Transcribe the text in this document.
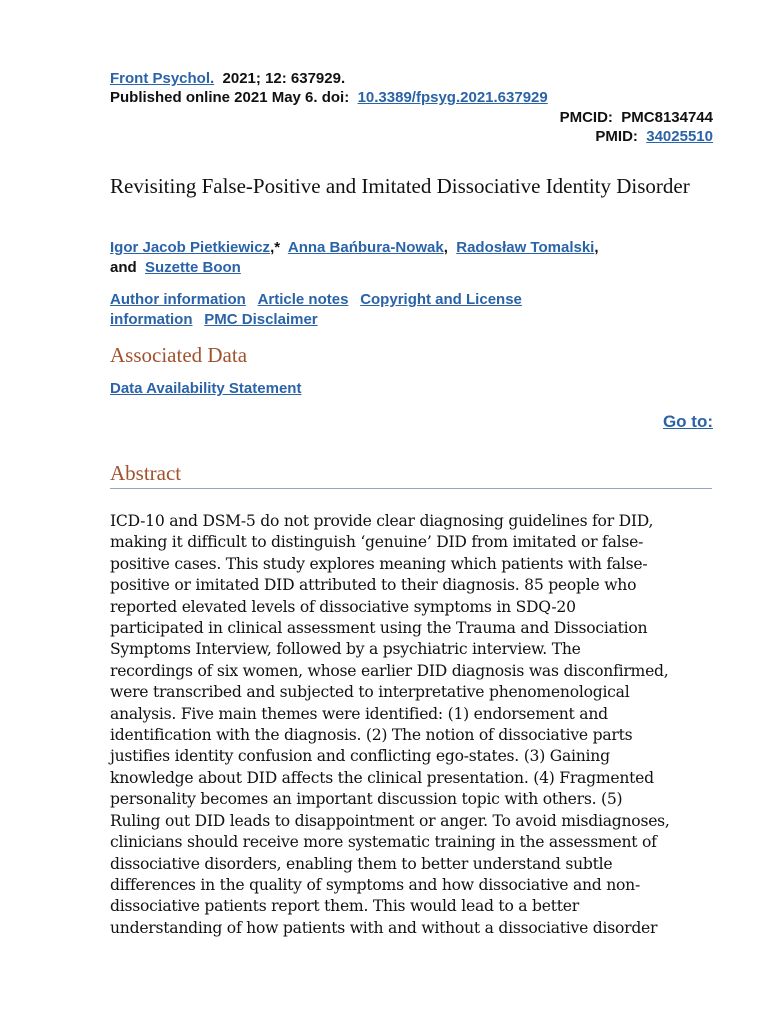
Front Psychol. 2021; 12: 637929.
Published online 2021 May 6. doi: 10.3389/fpsyg.2021.637929
PMCID: PMC8134744
PMID: 34025510
Revisiting False-Positive and Imitated Dissociative Identity Disorder
Igor Jacob Pietkiewicz,* Anna Bańbura-Nowak, Radosław Tomalski,
and Suzette Boon
Author information Article notes Copyright and License
information PMC Disclaimer
Associated Data
Data Availability Statement
Go to:
Abstract
ICD-10 and DSM-5 do not provide clear diagnosing guidelines for DID,
making it difficult to distinguish ‘genuine’ DID from imitated or false-
positive cases. This study explores meaning which patients with false-
positive or imitated DID attributed to their diagnosis. 85 people who
reported elevated levels of dissociative symptoms in SDQ-20
participated in clinical assessment using the Trauma and Dissociation
Symptoms Interview, followed by a psychiatric interview. The
recordings of six women, whose earlier DID diagnosis was disconfirmed,
were transcribed and subjected to interpretative phenomenological
analysis. Five main themes were identified: (1) endorsement and
identification with the diagnosis. (2) The notion of dissociative parts
justifies identity confusion and conflicting ego-states. (3) Gaining
knowledge about DID affects the clinical presentation. (4) Fragmented
personality becomes an important discussion topic with others. (5)
Ruling out DID leads to disappointment or anger. To avoid misdiagnoses,
clinicians should receive more systematic training in the assessment of
dissociative disorders, enabling them to better understand subtle
differences in the quality of symptoms and how dissociative and non-
dissociative patients report them. This would lead to a better
understanding of how patients with and without a dissociative disorder
